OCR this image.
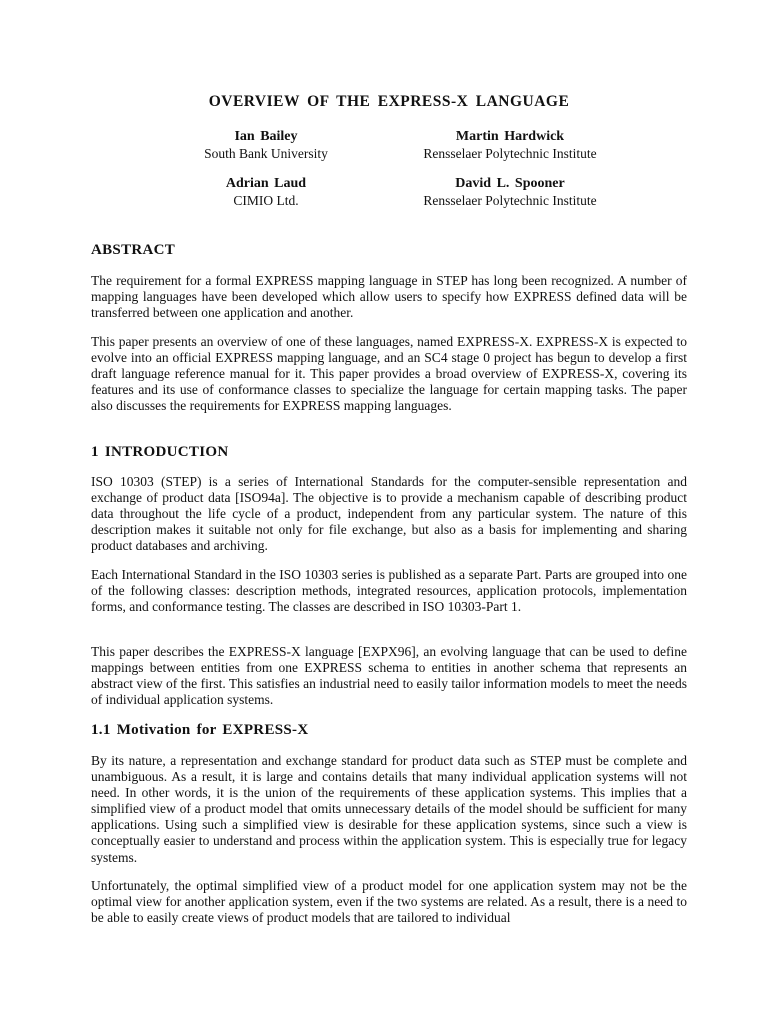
OVERVIEW OF THE EXPRESS-X LANGUAGE
Ian Bailey
South Bank University
Martin Hardwick
Rensselaer Polytechnic Institute
Adrian Laud
CIMIO Ltd.
David L. Spooner
Rensselaer Polytechnic Institute
ABSTRACT

The requirement for a formal EXPRESS mapping language in STEP has long been recognized. A number of mapping languages have been developed which allow users to specify how EXPRESS defined data will be transferred between one application and another.

This paper presents an overview of one of these languages, named EXPRESS-X. EXPRESS-X is expected to evolve into an official EXPRESS mapping language, and an SC4 stage 0 project has begun to develop a first draft language reference manual for it. This paper provides a broad overview of EXPRESS-X, covering its features and its use of conformance classes to specialize the language for certain mapping tasks. The paper also discusses the requirements for EXPRESS mapping languages.

1 INTRODUCTION

ISO 10303 (STEP) is a series of International Standards for the computer-sensible representation and exchange of product data [ISO94a]. The objective is to provide a mechanism capable of describing product data throughout the life cycle of a product, independent from any particular system. The nature of this description makes it suitable not only for file exchange, but also as a basis for implementing and sharing product databases and archiving.

Each International Standard in the ISO 10303 series is published as a separate Part. Parts are grouped into one of the following classes: description methods, integrated resources, application protocols, implementation forms, and conformance testing. The classes are described in ISO 10303-Part 1.

This paper describes the EXPRESS-X language [EXPX96], an evolving language that can be used to define mappings between entities from one EXPRESS schema to entities in another schema that represents an abstract view of the first. This satisfies an industrial need to easily tailor information models to meet the needs of individual application systems.

1.1 Motivation for EXPRESS-X

By its nature, a representation and exchange standard for product data such as STEP must be complete and unambiguous. As a result, it is large and contains details that many individual application systems will not need. In other words, it is the union of the requirements of these application systems. This implies that a simplified view of a product model that omits unnecessary details of the model should be sufficient for many applications. Using such a simplified view is desirable for these application systems, since such a view is conceptually easier to understand and process within the application system. This is especially true for legacy systems.

Unfortunately, the optimal simplified view of a product model for one application system may not be the optimal view for another application system, even if the two systems are related. As a result, there is a need to be able to easily create views of product models that are tailored to individual
